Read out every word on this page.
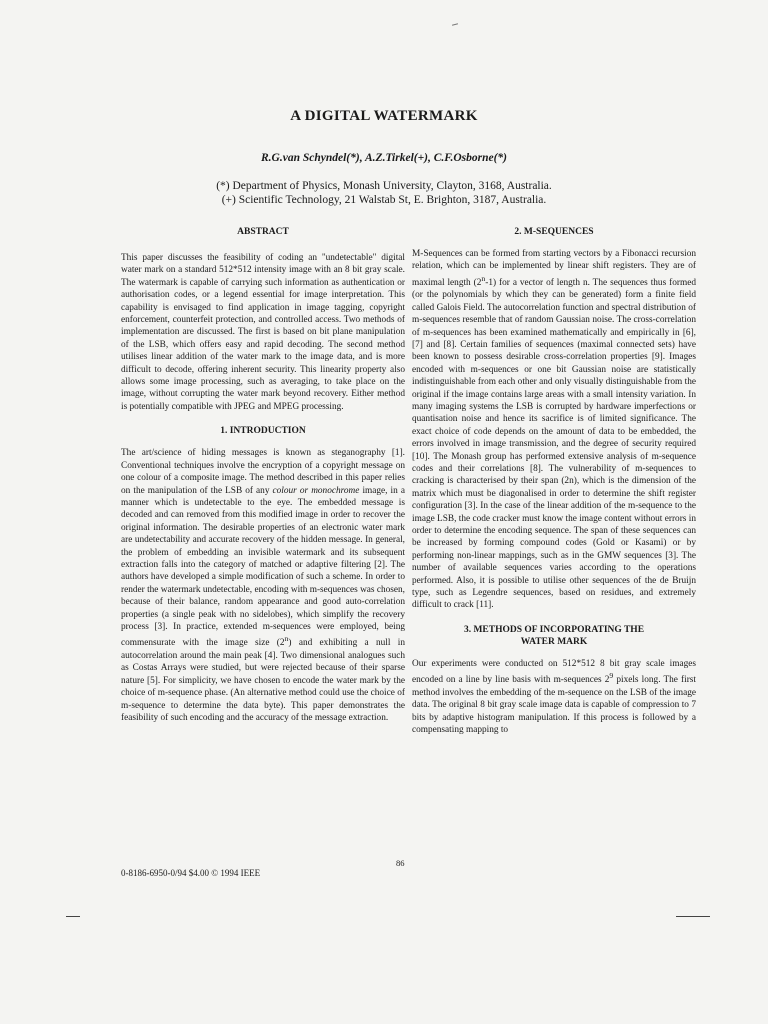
A DIGITAL WATERMARK
R.G.van Schyndel(*), A.Z.Tirkel(+), C.F.Osborne(*)
(*) Department of Physics, Monash University, Clayton, 3168, Australia.
(+) Scientific Technology, 21 Walstab St, E. Brighton, 3187, Australia.
ABSTRACT

This paper discusses the feasibility of coding an "undetectable" digital water mark on a standard 512*512 intensity image with an 8 bit gray scale. The watermark is capable of carrying such information as authentication or authorisation codes, or a legend essential for image interpretation. This capability is envisaged to find application in image tagging, copyright enforcement, counterfeit protection, and controlled access. Two methods of implementation are discussed. The first is based on bit plane manipulation of the LSB, which offers easy and rapid decoding. The second method utilises linear addition of the water mark to the image data, and is more difficult to decode, offering inherent security. This linearity property also allows some image processing, such as averaging, to take place on the image, without corrupting the water mark beyond recovery. Either method is potentially compatible with JPEG and MPEG processing.

1. INTRODUCTION

The art/science of hiding messages is known as steganography [1]. Conventional techniques involve the encryption of a copyright message on one colour of a composite image. The method described in this paper relies on the manipulation of the LSB of any colour or monochrome image, in a manner which is undetectable to the eye. The embedded message is decoded and can removed from this modified image in order to recover the original information. The desirable properties of an electronic water mark are undetectability and accurate recovery of the hidden message. In general, the problem of embedding an invisible watermark and its subsequent extraction falls into the category of matched or adaptive filtering [2]. The authors have developed a simple modification of such a scheme. In order to render the watermark undetectable, encoding with m-sequences was chosen, because of their balance, random appearance and good auto-correlation properties (a single peak with no sidelobes), which simplify the recovery process [3]. In practice, extended m-sequences were employed, being commensurate with the image size (2$^n$) and exhibiting a null in autocorrelation around the main peak [4]. Two dimensional analogues such as Costas Arrays were studied, but were rejected because of their sparse nature [5]. For simplicity, we have chosen to encode the water mark by the choice of m-sequence phase. (An alternative method could use the choice of m-sequence to determine the data byte). This paper demonstrates the feasibility of such encoding and the accuracy of the message extraction.

2. M-SEQUENCES

M-Sequences can be formed from starting vectors by a Fibonacci recursion relation, which can be implemented by linear shift registers. They are of maximal length (2$^n$-1) for a vector of length n. The sequences thus formed (or the polynomials by which they can be generated) form a finite field called Galois Field. The autocorrelation function and spectral distribution of m-sequences resemble that of random Gaussian noise. The cross-correlation of m-sequences has been examined mathematically and empirically in [6], [7] and [8]. Certain families of sequences (maximal connected sets) have been known to possess desirable cross-correlation properties [9]. Images encoded with m-sequences or one bit Gaussian noise are statistically indistinguishable from each other and only visually distinguishable from the original if the image contains large areas with a small intensity variation. In many imaging systems the LSB is corrupted by hardware imperfections or quantisation noise and hence its sacrifice is of limited significance. The exact choice of code depends on the amount of data to be embedded, the errors involved in image transmission, and the degree of security required [10]. The Monash group has performed extensive analysis of m-sequence codes and their correlations [8]. The vulnerability of m-sequences to cracking is characterised by their span (2n), which is the dimension of the matrix which must be diagonalised in order to determine the shift register configuration [3]. In the case of the linear addition of the m-sequence to the image LSB, the code cracker must know the image content without errors in order to determine the encoding sequence. The span of these sequences can be increased by forming compound codes (Gold or Kasami) or by performing non-linear mappings, such as in the GMW sequences [3]. The number of available sequences varies according to the operations performed. Also, it is possible to utilise other sequences of the de Bruijn type, such as Legendre sequences, based on residues, and extremely difficult to crack [11].

3. METHODS OF INCORPORATING THE
WATER MARK

Our experiments were conducted on 512*512 8 bit gray scale images encoded on a line by line basis with m-sequences $2^9$ pixels long. The first method involves the embedding of the m-sequence on the LSB of the image data. The original 8 bit gray scale image data is capable of compression to 7 bits by adaptive histogram manipulation. If this process is followed by a compensating mapping to

86
0-8186-6950-0/94 $4.00 © 1994 IEEE
